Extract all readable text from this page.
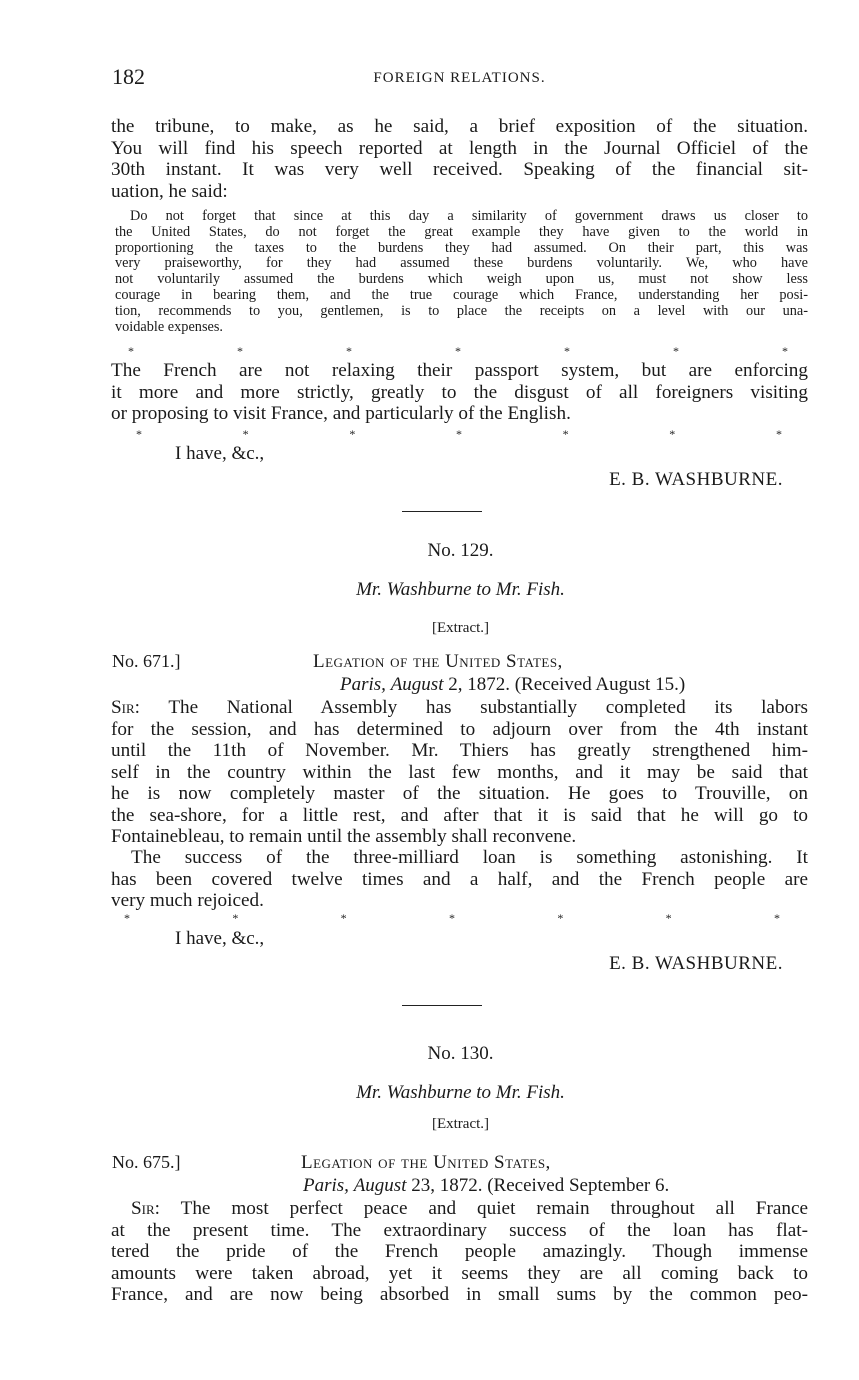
182	FOREIGN RELATIONS.
the tribune, to make, as he said, a brief exposition of the situation.
You will find his speech reported at length in the Journal Officiel of the
30th instant. It was very well received. Speaking of the financial sit-
uation, he said:
Do not forget that since at this day a similarity of government draws us closer to
the United States, do not forget the great example they have given to the world in
proportioning the taxes to the burdens they had assumed. On their part, this was
very praiseworthy, for they had assumed these burdens voluntarily. We, who have
not voluntarily assumed the burdens which weigh upon us, must not show less
courage in bearing them, and the true courage which France, understanding her posi-
tion, recommends to you, gentlemen, is to place the receipts on a level with our una-
voidable expenses.
*	*	*	*	*	*	*
The French are not relaxing their passport system, but are enforcing
it more and more strictly, greatly to the disgust of all foreigners visiting
or proposing to visit France, and particularly of the English.
*	*	*	*	*	*	*
I have, &c.,
E. B. WASHBURNE.
No. 129.
Mr. Washburne to Mr. Fish.
[Extract.]
No. 671.]	Legation of the United States,
Paris, August 2, 1872. (Received August 15.)
Sir: The National Assembly has substantially completed its labors
for the session, and has determined to adjourn over from the 4th instant
until the 11th of November. Mr. Thiers has greatly strengthened him-
self in the country within the last few months, and it may be said that
he is now completely master of the situation. He goes to Trouville, on
the sea-shore, for a little rest, and after that it is said that he will go to
Fontainebleau, to remain until the assembly shall reconvene.
The success of the three-milliard loan is something astonishing. It
has been covered twelve times and a half, and the French people are
very much rejoiced.
*	*	*	*	*	*	*
I have, &c.,
E. B. WASHBURNE.
No. 130.
Mr. Washburne to Mr. Fish.
[Extract.]
No. 675.]	Legation of the United States,
Paris, August 23, 1872. (Received September 6.
Sir: The most perfect peace and quiet remain throughout all France
at the present time. The extraordinary success of the loan has flat-
tered the pride of the French people amazingly. Though immense
amounts were taken abroad, yet it seems they are all coming back to
France, and are now being absorbed in small sums by the common peo-
